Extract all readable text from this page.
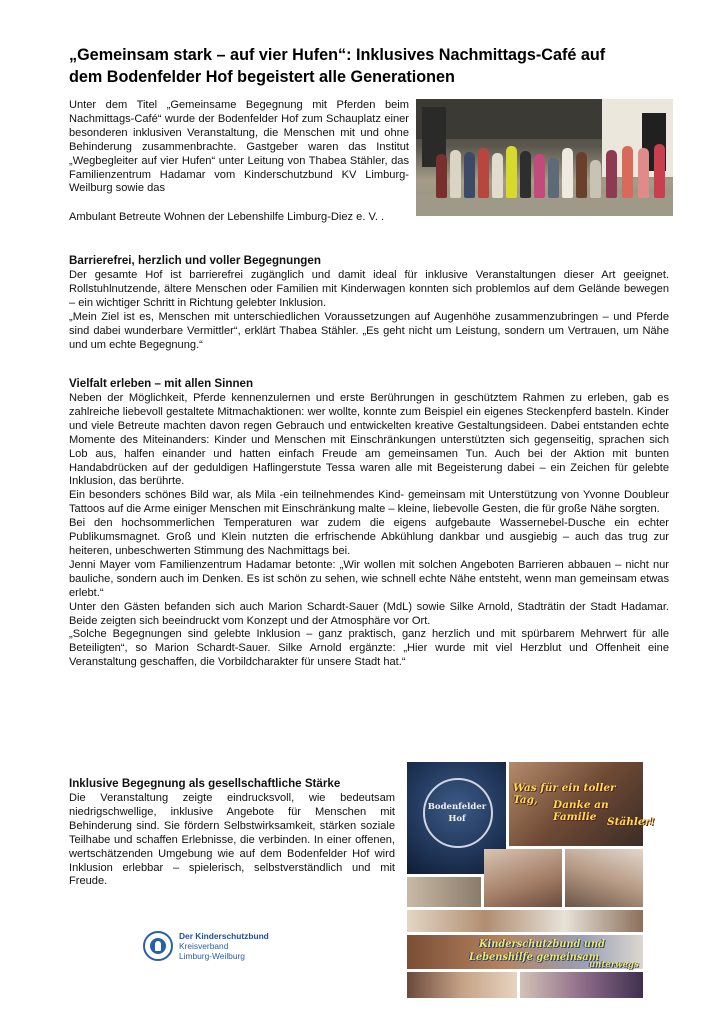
„Gemeinsam stark – auf vier Hufen“: Inklusives Nachmittags-Café auf
dem Bodenfelder Hof begeistert alle Generationen

Unter dem Titel „Gemeinsame Begegnung mit Pferden beim Nachmittags-Café“ wurde der Bodenfelder Hof zum Schauplatz einer besonderen inklusiven Veranstaltung, die Menschen mit und ohne Behinderung zusammenbrachte. Gastgeber waren das Institut „Wegbegleiter auf vier Hufen“ unter Leitung von Thabea Stähler, das Familienzentrum Hadamar vom Kinderschutzbund KV Limburg-Weilburg sowie das

Ambulant Betreute Wohnen der Lebenshilfe Limburg-Diez e. V. .

Barrierefrei, herzlich und voller Begegnungen

Der gesamte Hof ist barrierefrei zugänglich und damit ideal für inklusive Veranstaltungen dieser Art geeignet. Rollstuhlnutzende, ältere Menschen oder Familien mit Kinderwagen konnten sich problemlos auf dem Gelände bewegen – ein wichtiger Schritt in Richtung gelebter Inklusion.

„Mein Ziel ist es, Menschen mit unterschiedlichen Voraussetzungen auf Augenhöhe zusammenzubringen – und Pferde sind dabei wunderbare Vermittler“, erklärt Thabea Stähler. „Es geht nicht um Leistung, sondern um Vertrauen, um Nähe und um echte Begegnung.“

Vielfalt erleben – mit allen Sinnen

Neben der Möglichkeit, Pferde kennenzulernen und erste Berührungen in geschütztem Rahmen zu erleben, gab es zahlreiche liebevoll gestaltete Mitmachaktionen: wer wollte, konnte zum Beispiel ein eigenes Steckenpferd basteln. Kinder und viele Betreute machten davon regen Gebrauch und entwickelten kreative Gestaltungsideen. Dabei entstanden echte Momente des Miteinanders: Kinder und Menschen mit Einschränkungen unterstützten sich gegenseitig, sprachen sich Lob aus, halfen einander und hatten einfach Freude am gemeinsamen Tun. Auch bei der Aktion mit bunten Handabdrücken auf der geduldigen Haflingerstute Tessa waren alle mit Begeisterung dabei – ein Zeichen für gelebte Inklusion, das berührte.

Ein besonders schönes Bild war, als Mila -ein teilnehmendes Kind- gemeinsam mit Unterstützung von Yvonne Doubleur Tattoos auf die Arme einiger Menschen mit Einschränkung malte – kleine, liebevolle Gesten, die für große Nähe sorgten.

Bei den hochsommerlichen Temperaturen war zudem die eigens aufgebaute Wassernebel-Dusche ein echter Publikumsmagnet. Groß und Klein nutzten die erfrischende Abkühlung dankbar und ausgiebig – auch das trug zur heiteren, unbeschwerten Stimmung des Nachmittags bei.

Jenni Mayer vom Familienzentrum Hadamar betonte: „Wir wollen mit solchen Angeboten Barrieren abbauen – nicht nur bauliche, sondern auch im Denken. Es ist schön zu sehen, wie schnell echte Nähe entsteht, wenn man gemeinsam etwas erlebt.“

Unter den Gästen befanden sich auch Marion Schardt-Sauer (MdL) sowie Silke Arnold, Stadträtin der Stadt Hadamar. Beide zeigten sich beeindruckt vom Konzept und der Atmosphäre vor Ort.

„Solche Begegnungen sind gelebte Inklusion – ganz praktisch, ganz herzlich und mit spürbarem Mehrwert für alle Beteiligten“, so Marion Schardt-Sauer. Silke Arnold ergänzte: „Hier wurde mit viel Herzblut und Offenheit eine Veranstaltung geschaffen, die Vorbildcharakter für unsere Stadt hat.“

Inklusive Begegnung als gesellschaftliche Stärke

Die Veranstaltung zeigte eindrucksvoll, wie bedeutsam niedrigschwellige, inklusive Angebote für Menschen mit Behinderung sind. Sie fördern Selbstwirksamkeit, stärken soziale Teilhabe und schaffen Erlebnisse, die verbinden. In einer offenen, wertschätzenden Umgebung wie auf dem Bodenfelder Hof wird Inklusion erlebbar – spielerisch, selbstverständlich und mit Freude.

Bodenfelder
Hof
Was für ein toller Tag,	Danke an Familie	Stähler!
Kinderschutzbund und
Lebenshilfe gemeinsam
unterwegs
Der Kinderschutzbund
Kreisverband
Limburg-Weilburg
